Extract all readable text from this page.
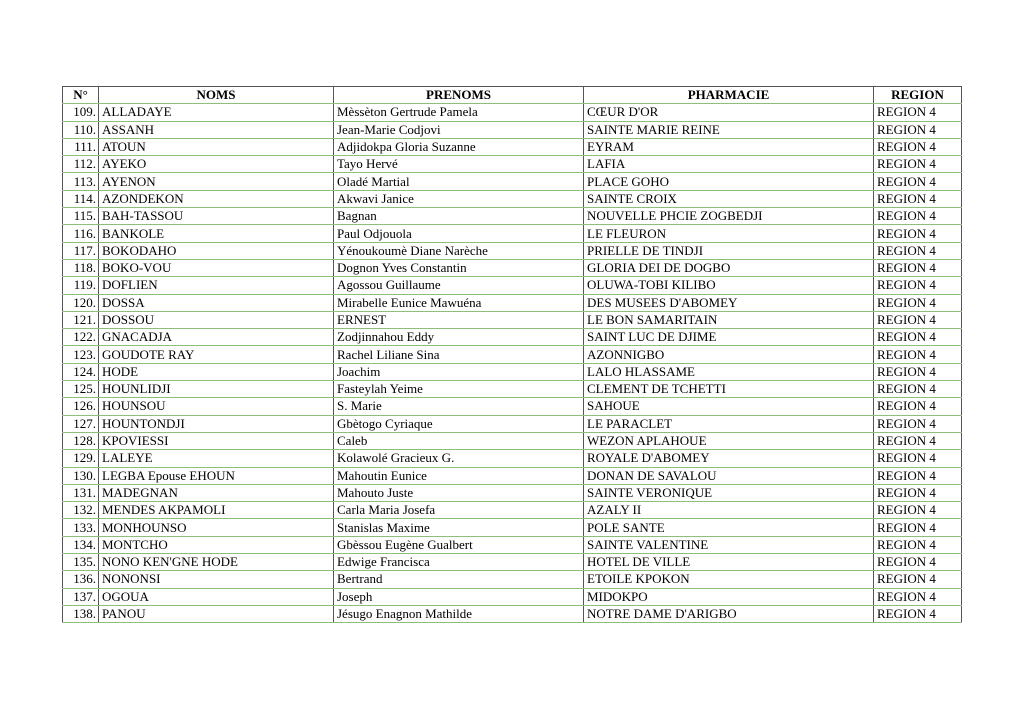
N°	NOMS	PRENOMS	PHARMACIE	REGION
109.	ALLADAYE	Mèssèton Gertrude Pamela	CŒUR D'OR	REGION 4
110.	ASSANH	Jean-Marie Codjovi	SAINTE MARIE REINE	REGION 4
111.	ATOUN	Adjidokpa Gloria Suzanne	EYRAM	REGION 4
112.	AYEKO	Tayo Hervé	LAFIA	REGION 4
113.	AYENON	Oladé Martial	PLACE GOHO	REGION 4
114.	AZONDEKON	Akwavi Janice	SAINTE CROIX	REGION 4
115.	BAH-TASSOU	Bagnan	NOUVELLE PHCIE ZOGBEDJI	REGION 4
116.	BANKOLE	Paul Odjouola	LE FLEURON	REGION 4
117.	BOKODAHO	Yénoukoumè Diane Narèche	PRIELLE DE TINDJI	REGION 4
118.	BOKO-VOU	Dognon Yves Constantin	GLORIA DEI DE DOGBO	REGION 4
119.	DOFLIEN	Agossou Guillaume	OLUWA-TOBI KILIBO	REGION 4
120.	DOSSA	Mirabelle Eunice Mawuéna	DES MUSEES D'ABOMEY	REGION 4
121.	DOSSOU	ERNEST	LE BON SAMARITAIN	REGION 4
122.	GNACADJA	Zodjinnahou Eddy	SAINT LUC DE DJIME	REGION 4
123.	GOUDOTE RAY	Rachel Liliane Sina	AZONNIGBO	REGION 4
124.	HODE	Joachim	LALO HLASSAME	REGION 4
125.	HOUNLIDJI	Fasteylah Yeime	CLEMENT DE TCHETTI	REGION 4
126.	HOUNSOU	S. Marie	SAHOUE	REGION 4
127.	HOUNTONDJI	Gbètogo Cyriaque	LE PARACLET	REGION 4
128.	KPOVIESSI	Caleb	WEZON APLAHOUE	REGION 4
129.	LALEYE	Kolawolé Gracieux G.	ROYALE D'ABOMEY	REGION 4
130.	LEGBA Epouse EHOUN	Mahoutin Eunice	DONAN DE SAVALOU	REGION 4
131.	MADEGNAN	Mahouto Juste	SAINTE VERONIQUE	REGION 4
132.	MENDES AKPAMOLI	Carla Maria Josefa	AZALY II	REGION 4
133.	MONHOUNSO	Stanislas Maxime	POLE SANTE	REGION 4
134.	MONTCHO	Gbèssou Eugène Gualbert	SAINTE VALENTINE	REGION 4
135.	NONO KEN'GNE HODE	Edwige Francisca	HOTEL DE VILLE	REGION 4
136.	NONONSI	Bertrand	ETOILE KPOKON	REGION 4
137.	OGOUA	Joseph	MIDOKPO	REGION 4
138.	PANOU	Jésugo Enagnon Mathilde	NOTRE DAME D'ARIGBO	REGION 4
